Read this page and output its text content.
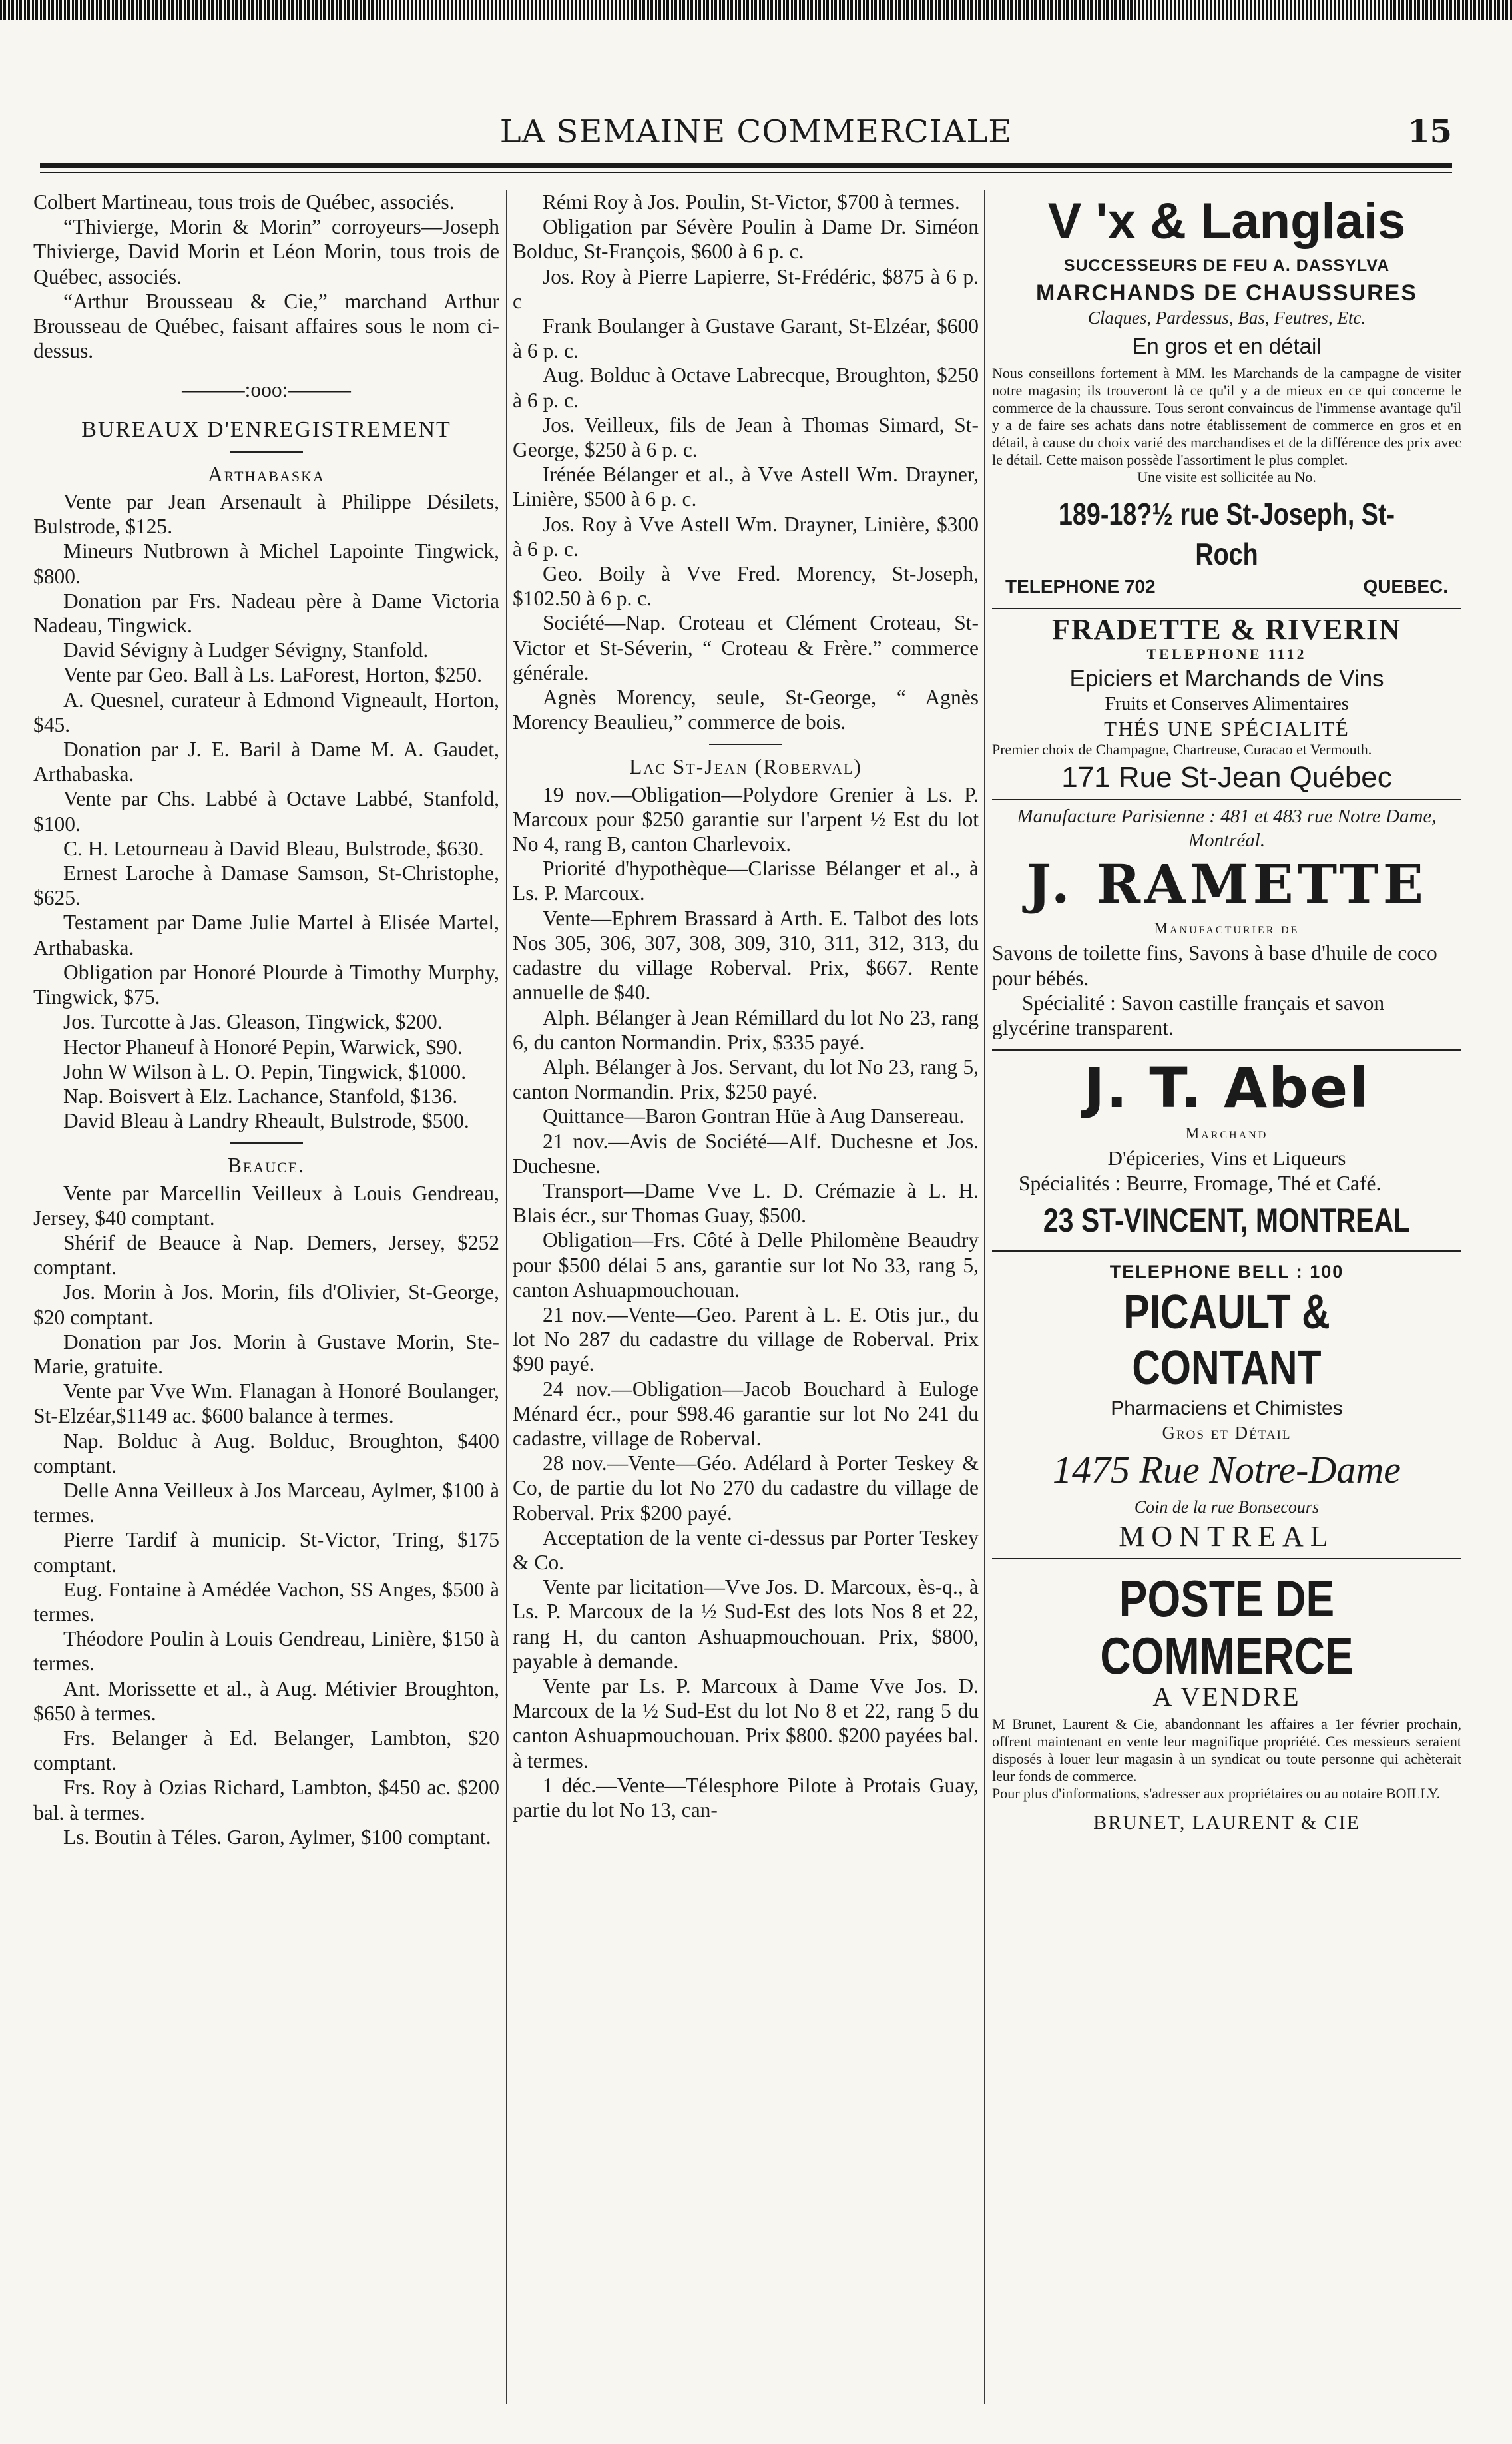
LA SEMAINE COMMERCIALE	15

Colbert Martineau, tous trois de Québec, associés.

“Thivierge, Morin & Morin” corroyeurs—Joseph Thivierge, David Morin et Léon Morin, tous trois de Québec, associés.

“Arthur Brousseau & Cie,” marchand Arthur Brousseau de Québec, faisant affaires sous le nom ci-dessus.

———:ooo:———
BUREAUX D'ENREGISTREMENT
Arthabaska

Vente par Jean Arsenault à Philippe Désilets, Bulstrode, $125.

Mineurs Nutbrown à Michel Lapointe Tingwick, $800.

Donation par Frs. Nadeau père à Dame Victoria Nadeau, Tingwick.

David Sévigny à Ludger Sévigny, Stanfold.

Vente par Geo. Ball à Ls. LaForest, Horton, $250.

A. Quesnel, curateur à Edmond Vigneault, Horton, $45.

Donation par J. E. Baril à Dame M. A. Gaudet, Arthabaska.

Vente par Chs. Labbé à Octave Labbé, Stanfold, $100.

C. H. Letourneau à David Bleau, Bulstrode, $630.

Ernest Laroche à Damase Samson, St-Christophe, $625.

Testament par Dame Julie Martel à Elisée Martel, Arthabaska.

Obligation par Honoré Plourde à Timothy Murphy, Tingwick, $75.

Jos. Turcotte à Jas. Gleason, Tingwick, $200.

Hector Phaneuf à Honoré Pepin, Warwick, $90.

John W Wilson à L. O. Pepin, Tingwick, $1000.

Nap. Boisvert à Elz. Lachance, Stanfold, $136.

David Bleau à Landry Rheault, Bulstrode, $500.

Beauce.

Vente par Marcellin Veilleux à Louis Gendreau, Jersey, $40 comptant.

Shérif de Beauce à Nap. Demers, Jersey, $252 comptant.

Jos. Morin à Jos. Morin, fils d'Olivier, St-George, $20 comptant.

Donation par Jos. Morin à Gustave Morin, Ste-Marie, gratuite.

Vente par Vve Wm. Flanagan à Honoré Boulanger, St-Elzéar,$1149 ac. $600 balance à termes.

Nap. Bolduc à Aug. Bolduc, Broughton, $400 comptant.

Delle Anna Veilleux à Jos Marceau, Aylmer, $100 à termes.

Pierre Tardif à municip. St-Victor, Tring, $175 comptant.

Eug. Fontaine à Amédée Vachon, SS Anges, $500 à termes.

Théodore Poulin à Louis Gendreau, Linière, $150 à termes.

Ant. Morissette et al., à Aug. Métivier Broughton, $650 à termes.

Frs. Belanger à Ed. Belanger, Lambton, $20 comptant.

Frs. Roy à Ozias Richard, Lambton, $450 ac. $200 bal. à termes.

Ls. Boutin à Téles. Garon, Aylmer, $100 comptant.

Rémi Roy à Jos. Poulin, St-Victor, $700 à termes.

Obligation par Sévère Poulin à Dame Dr. Siméon Bolduc, St-François, $600 à 6 p. c.

Jos. Roy à Pierre Lapierre, St-Frédéric, $875 à 6 p. c

Frank Boulanger à Gustave Garant, St-Elzéar, $600 à 6 p. c.

Aug. Bolduc à Octave Labrecque, Broughton, $250 à 6 p. c.

Jos. Veilleux, fils de Jean à Thomas Simard, St-George, $250 à 6 p. c.

Irénée Bélanger et al., à Vve Astell Wm. Drayner, Linière, $500 à 6 p. c.

Jos. Roy à Vve Astell Wm. Drayner, Linière, $300 à 6 p. c.

Geo. Boily à Vve Fred. Morency, St-Joseph, $102.50 à 6 p. c.

Société—Nap. Croteau et Clément Croteau, St-Victor et St-Séverin, “ Croteau & Frère.” commerce générale.

Agnès Morency, seule, St-George, “ Agnès Morency Beaulieu,” commerce de bois.

Lac St-Jean (Roberval)

19 nov.—Obligation—Polydore Grenier à Ls. P. Marcoux pour $250 garantie sur l'arpent ½ Est du lot No 4, rang B, canton Charlevoix.

Priorité d'hypothèque—Clarisse Bélanger et al., à Ls. P. Marcoux.

Vente—Ephrem Brassard à Arth. E. Talbot des lots Nos 305, 306, 307, 308, 309, 310, 311, 312, 313, du cadastre du village Roberval. Prix, $667. Rente annuelle de $40.

Alph. Bélanger à Jean Rémillard du lot No 23, rang 6, du canton Normandin. Prix, $335 payé.

Alph. Bélanger à Jos. Servant, du lot No 23, rang 5, canton Normandin. Prix, $250 payé.

Quittance—Baron Gontran Hüe à Aug Dansereau.

21 nov.—Avis de Société—Alf. Duchesne et Jos. Duchesne.

Transport—Dame Vve L. D. Crémazie à L. H. Blais écr., sur Thomas Guay, $500.

Obligation—Frs. Côté à Delle Philomène Beaudry pour $500 délai 5 ans, garantie sur lot No 33, rang 5, canton Ashuapmouchouan.

21 nov.—Vente—Geo. Parent à L. E. Otis jur., du lot No 287 du cadastre du village de Roberval. Prix $90 payé.

24 nov.—Obligation—Jacob Bouchard à Euloge Ménard écr., pour $98.46 garantie sur lot No 241 du cadastre, village de Roberval.

28 nov.—Vente—Géo. Adélard à Porter Teskey & Co, de partie du lot No 270 du cadastre du village de Roberval. Prix $200 payé.

Acceptation de la vente ci-dessus par Porter Teskey & Co.

Vente par licitation—Vve Jos. D. Marcoux, ès-q., à Ls. P. Marcoux de la ½ Sud-Est des lots Nos 8 et 22, rang H, du canton Ashuapmouchouan. Prix, $800, payable à demande.

Vente par Ls. P. Marcoux à Dame Vve Jos. D. Marcoux de la ½ Sud-Est du lot No 8 et 22, rang 5 du canton Ashuapmouchouan. Prix $800. $200 payées bal. à termes.

1 déc.—Vente—Télesphore Pilote à Protais Guay, partie du lot No 13, can-

V 'x & Langlais
SUCCESSEURS DE FEU A. DASSYLVA
MARCHANDS DE CHAUSSURES
Claques, Pardessus, Bas, Feutres, Etc.
En gros et en détail
Nous conseillons fortement à MM. les Marchands de la campagne de visiter notre magasin; ils trouveront là ce qu'il y a de mieux en ce qui concerne le commerce de la chaussure. Tous seront convaincus de l'immense avantage qu'il y a de faire ses achats dans notre établissement de commerce en gros et en détail, à cause du choix varié des marchandises et de la différence des prix avec le détail. Cette maison possède l'assortiment le plus complet.
Une visite est sollicitée au No.
189-18?½ rue St-Joseph, St-Roch
TELEPHONE 702	QUEBEC.
FRADETTE & RIVERIN
TELEPHONE 1112
Epiciers et Marchands de Vins
Fruits et Conserves Alimentaires
THÉS UNE SPÉCIALITÉ
Premier choix de Champagne, Chartreuse, Curacao et Vermouth.
171 Rue St-Jean Québec
Manufacture Parisienne : 481 et 483 rue Notre Dame, Montréal.
J. RAMETTE
Manufacturier de

Savons de toilette fins, Savons à base d'huile de coco pour bébés.

Spécialité : Savon castille français et savon glycérine transparent.

J. T. Abel
Marchand
D'épiceries, Vins et Liqueurs

Spécialités : Beurre, Fromage, Thé et Café.

23 ST-VINCENT, MONTREAL
TELEPHONE BELL : 100
PICAULT & CONTANT
Pharmaciens et Chimistes
Gros et Détail
1475 Rue Notre-Dame
Coin de la rue Bonsecours
MONTREAL
POSTE DE COMMERCE
A VENDRE
M Brunet, Laurent & Cie, abandonnant les affaires a 1er février prochain, offrent maintenant en vente leur magnifique propriété. Ces messieurs seraient disposés à louer leur magasin à un syndicat ou toute personne qui achèterait leur fonds de commerce.
Pour plus d'informations, s'adresser aux propriétaires ou au notaire BOILLY.
BRUNET, LAURENT & CIE
